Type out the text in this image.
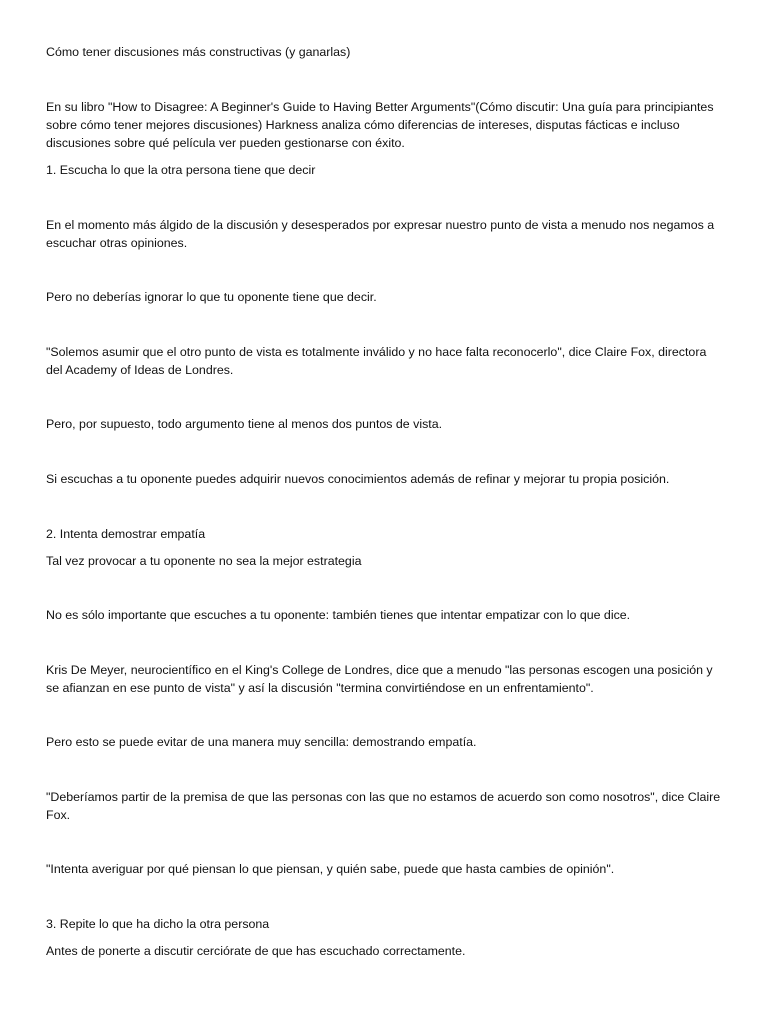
Cómo tener discusiones más constructivas (y ganarlas)

En su libro "How to Disagree: A Beginner's Guide to Having Better Arguments"(Cómo discutir: Una guía para principiantes sobre cómo tener mejores discusiones) Harkness analiza cómo diferencias de intereses, disputas fácticas e incluso discusiones sobre qué película ver pueden gestionarse con éxito.

1. Escucha lo que la otra persona tiene que decir

En el momento más álgido de la discusión y desesperados por expresar nuestro punto de vista a menudo nos negamos a escuchar otras opiniones.

Pero no deberías ignorar lo que tu oponente tiene que decir.

"Solemos asumir que el otro punto de vista es totalmente inválido y no hace falta reconocerlo", dice Claire Fox, directora del Academy of Ideas de Londres.

Pero, por supuesto, todo argumento tiene al menos dos puntos de vista.

Si escuchas a tu oponente puedes adquirir nuevos conocimientos además de refinar y mejorar tu propia posición.

2. Intenta demostrar empatía

Tal vez provocar a tu oponente no sea la mejor estrategia

No es sólo importante que escuches a tu oponente: también tienes que intentar empatizar con lo que dice.

Kris De Meyer, neurocientífico en el King's College de Londres, dice que a menudo "las personas escogen una posición y se afianzan en ese punto de vista" y así la discusión "termina convirtiéndose en un enfrentamiento".

Pero esto se puede evitar de una manera muy sencilla: demostrando empatía.

"Deberíamos partir de la premisa de que las personas con las que no estamos de acuerdo son como nosotros", dice Claire Fox.

"Intenta averiguar por qué piensan lo que piensan, y quién sabe, puede que hasta cambies de opinión".

3. Repite lo que ha dicho la otra persona

Antes de ponerte a discutir cerciórate de que has escuchado correctamente.
